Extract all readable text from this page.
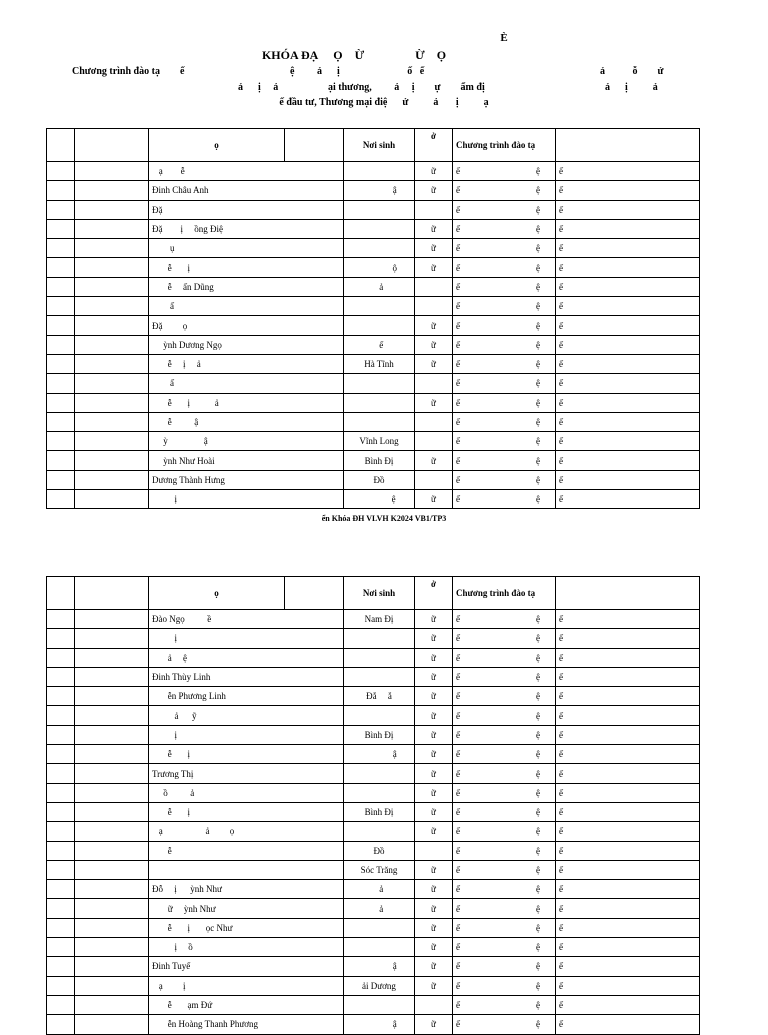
È
KHÓA ĐẠ     Ọ    Ừ                 Ừ    Ọ
Chương trình đào tạ        ế	ệ         ả      ị                           ố   ế	ả           ỗ        ử
ả      ị     ả	ại thương,         ả     ị        ự        ẩm đị	ả      ị          ả
ế đầu tư, Thương mại điệ      ử          ả       ị          ạ
		ọ		Nơi sinh	ở	Chương trình đào tạ	
		ạ        ễ			ữ	ế ệ	ế
		Đinh Châu Anh		ậ	ữ	ế ệ	ế
		Đặ				ế ệ	ế
		Đặ        ị     ồng Điệ			ữ	ế ệ	ế
		ụ			ữ	ế ệ	ế
		ễ       ị		ộ	ữ	ế ệ	ế
		ễ     ấn Dũng		ả		ế ệ	ế
		ấ				ế ệ	ế
		Đặ         ọ			ữ	ế ệ	ế
		ỳnh Dương Ngọ		ế	ữ	ế ệ	ế
		ễ     ị     ả		Hà Tĩnh	ữ	ế ệ	ế
		ấ				ế ệ	ế
		ễ       ị           ả			ữ	ế ệ	ế
		ễ          ậ				ế ệ	ế
		ỳ                ậ		Vĩnh Long		ế ệ	ế
		ỳnh Như Hoài		Bình Đị	ữ	ế ệ	ế
		Dương Thành Hưng		Đồ		ế ệ	ế
		ị		ệ	ữ	ế ệ	ế
ển Khóa ĐH VLVH K2024 VB1/TP3
		ọ		Nơi sinh	ở	Chương trình đào tạ	
		Đào Ngọ          ề		Nam Đị	ữ	ế ệ	ế
		ị			ữ	ế ệ	ế
		ả     ệ			ữ	ế ệ	ế
		Đinh Thùy Linh			ữ	ế ệ	ế
		ễn Phương Linh		Đắ     ắ	ữ	ế ệ	ế
		ả      ỹ			ữ	ế ệ	ế
		ị		Bình Đị	ữ	ế ệ	ế
		ễ       ị		ậ	ữ	ế ệ	ế
		Trương Thị			ữ	ế ệ	ế
		ồ          ả			ữ	ế ệ	ế
		ễ       ị		Bình Đị	ữ	ế ệ	ế
		ạ                   ả         ọ			ữ	ế ệ	ế
		ễ		Đồ		ế ệ	ế
				Sóc Trăng	ữ	ế ệ	ế
		Đỗ     ị      ỳnh Như		ả	ữ	ế ệ	ế
		ữ     ỳnh Như		ả	ữ	ế ệ	ế
		ễ       ị       ọc Như			ữ	ế ệ	ế
		ị     ồ			ữ	ế ệ	ế
		Đinh Tuyế		ậ	ữ	ế ệ	ế
		ạ         ị		ải Dương	ữ	ế ệ	ế
		ễ       ạm Đứ				ế ệ	ế
		ễn Hoàng Thanh Phương		ậ	ữ	ế ệ	ế
